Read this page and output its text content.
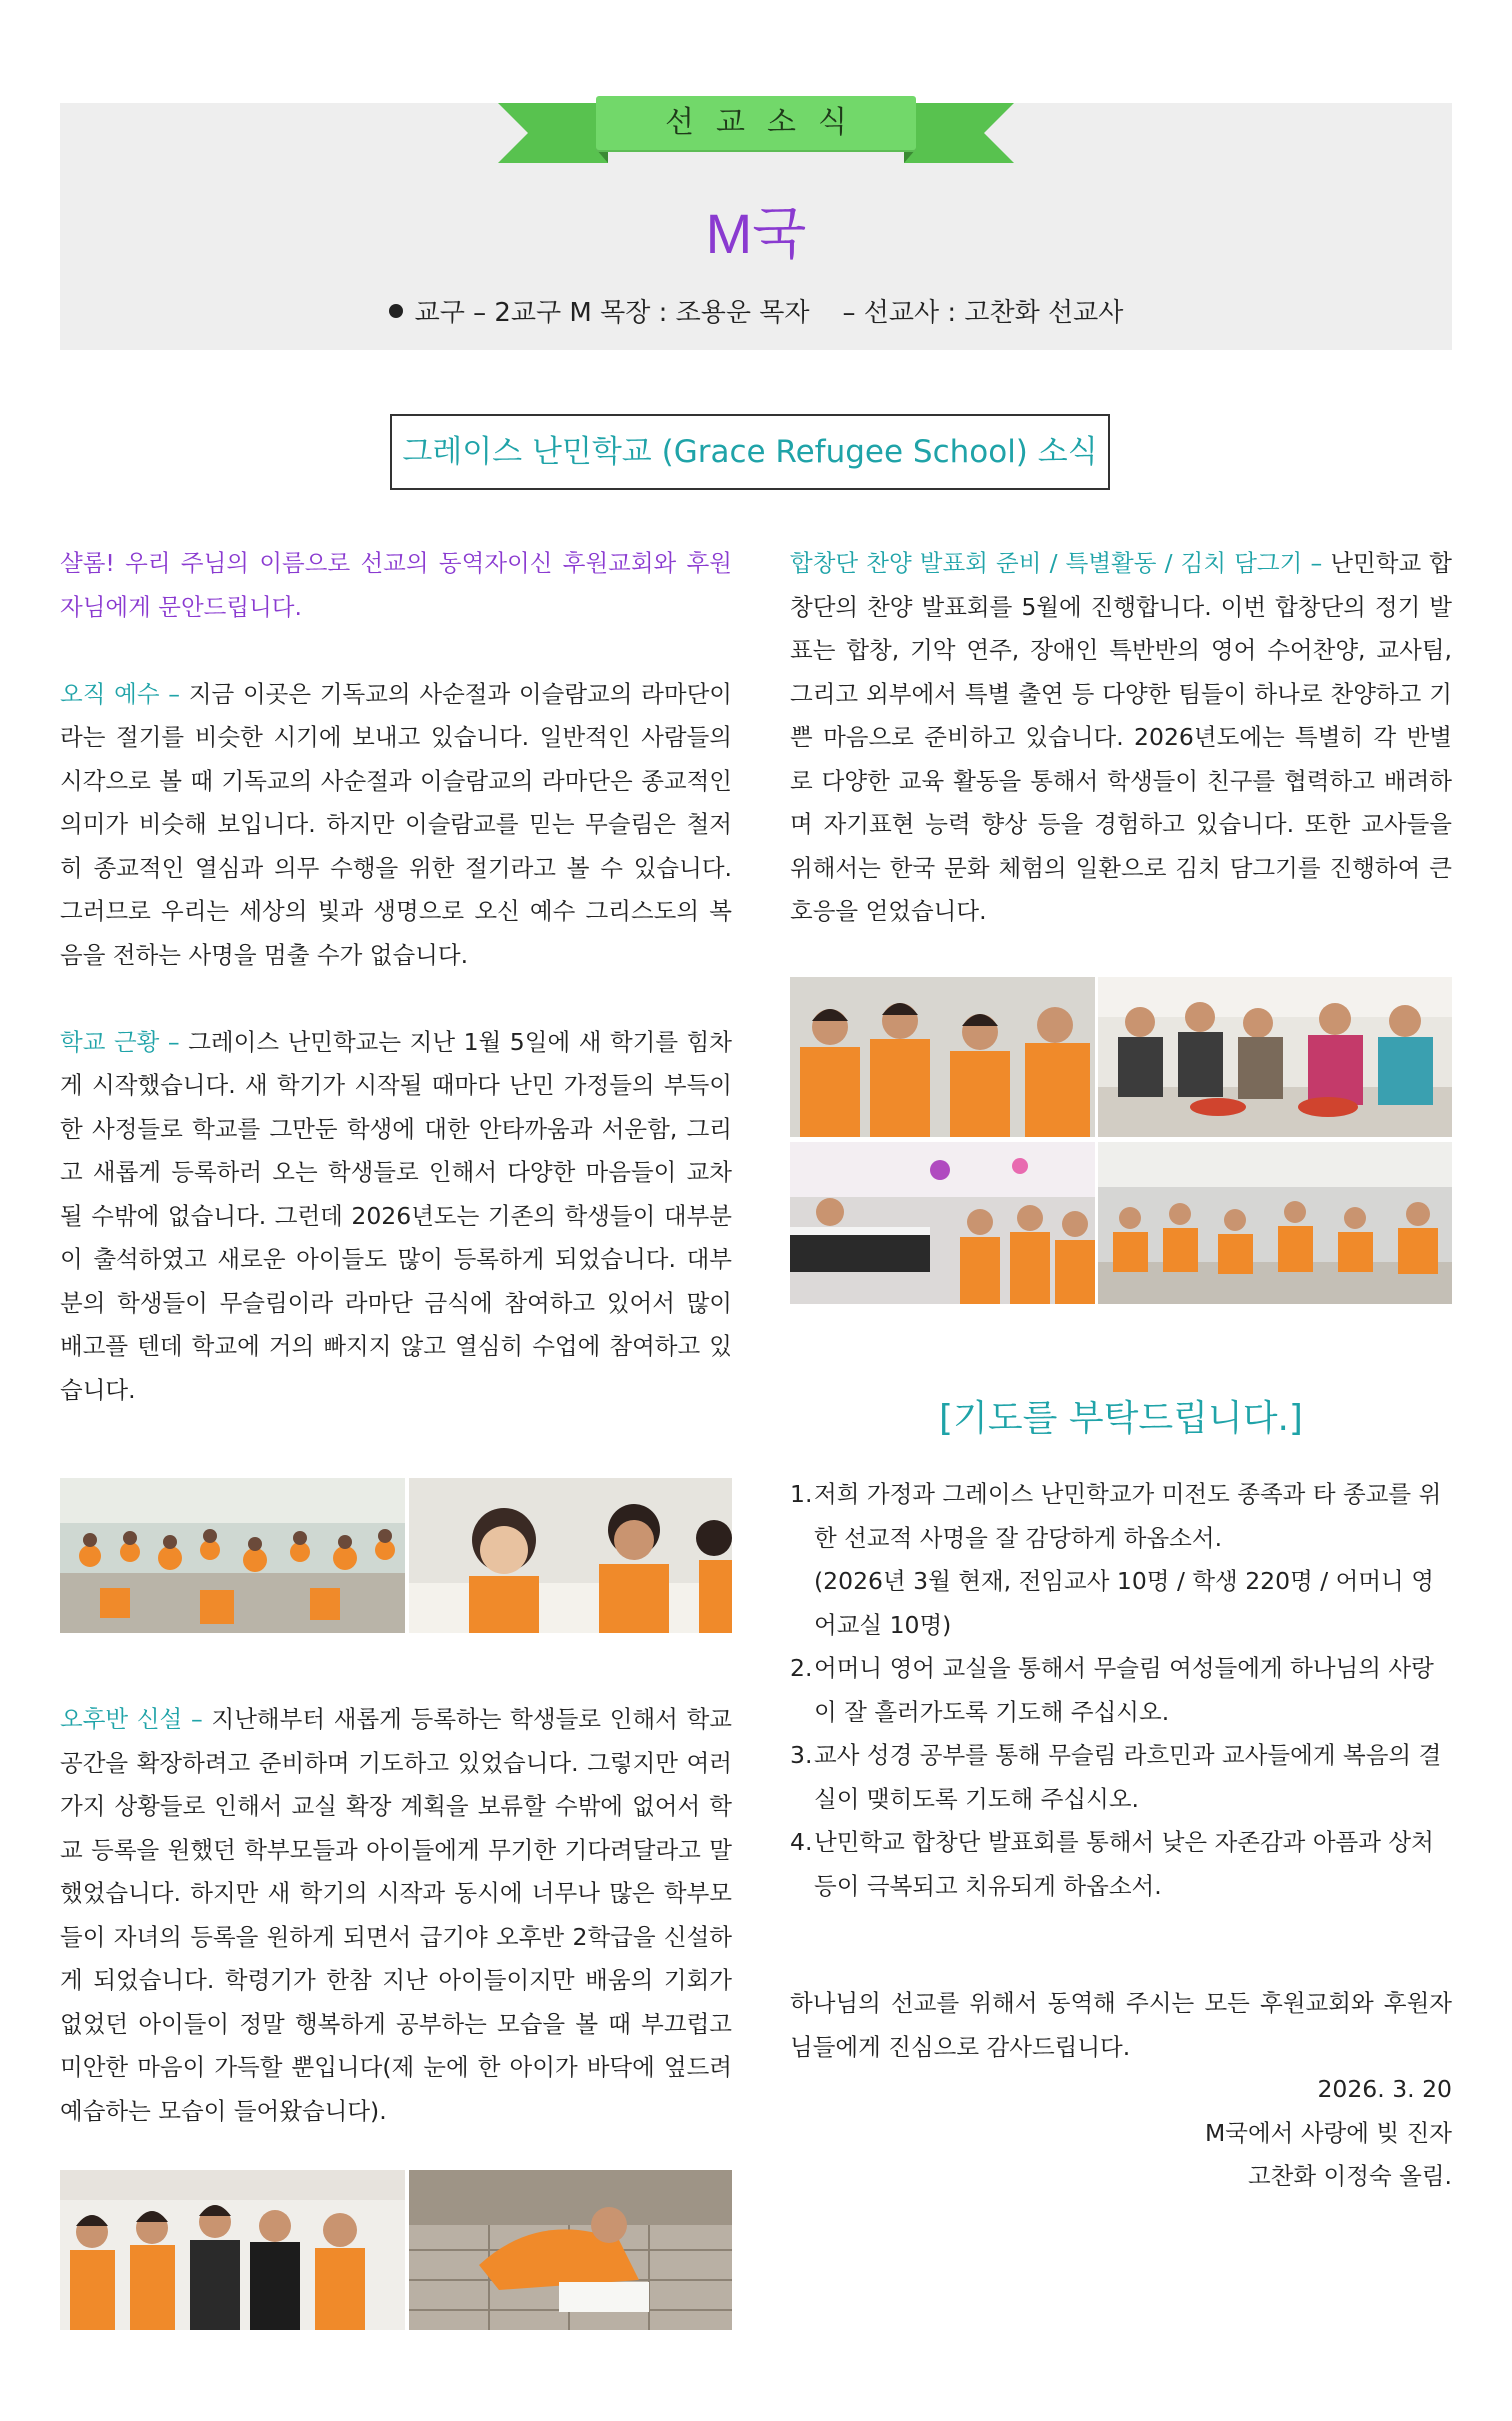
선교소식
M국
교구 – 2교구 M 목장 : 조용운 목자    – 선교사 : 고찬화 선교사
그레이스 난민학교 (Grace Refugee School) 소식

샬롬! 우리 주님의 이름으로 선교의 동역자이신 후원교회와 후원자님에게 문안드립니다.

오직 예수 – 지금 이곳은 기독교의 사순절과 이슬람교의 라마단이라는 절기를 비슷한 시기에 보내고 있습니다. 일반적인 사람들의 시각으로 볼 때 기독교의 사순절과 이슬람교의 라마단은 종교적인 의미가 비슷해 보입니다. 하지만 이슬람교를 믿는 무슬림은 철저히 종교적인 열심과 의무 수행을 위한 절기라고 볼 수 있습니다. 그러므로 우리는 세상의 빛과 생명으로 오신 예수 그리스도의 복음을 전하는 사명을 멈출 수가 없습니다.

학교 근황 – 그레이스 난민학교는 지난 1월 5일에 새 학기를 힘차게 시작했습니다. 새 학기가 시작될 때마다 난민 가정들의 부득이한 사정들로 학교를 그만둔 학생에 대한 안타까움과 서운함, 그리고 새롭게 등록하러 오는 학생들로 인해서 다양한 마음들이 교차될 수밖에 없습니다. 그런데 2026년도는 기존의 학생들이 대부분이 출석하였고 새로운 아이들도 많이 등록하게 되었습니다. 대부분의 학생들이 무슬림이라 라마단 금식에 참여하고 있어서 많이 배고플 텐데 학교에 거의 빠지지 않고 열심히 수업에 참여하고 있습니다.

오후반 신설 – 지난해부터 새롭게 등록하는 학생들로 인해서 학교 공간을 확장하려고 준비하며 기도하고 있었습니다. 그렇지만 여러 가지 상황들로 인해서 교실 확장 계획을 보류할 수밖에 없어서 학교 등록을 원했던 학부모들과 아이들에게 무기한 기다려달라고 말했었습니다. 하지만 새 학기의 시작과 동시에 너무나 많은 학부모들이 자녀의 등록을 원하게 되면서 급기야 오후반 2학급을 신설하게 되었습니다. 학령기가 한참 지난 아이들이지만 배움의 기회가 없었던 아이들이 정말 행복하게 공부하는 모습을 볼 때 부끄럽고 미안한 마음이 가득할 뿐입니다(제 눈에 한 아이가 바닥에 엎드려 예습하는 모습이 들어왔습니다).

합창단 찬양 발표회 준비 / 특별활동 / 김치 담그기 – 난민학교 합창단의 찬양 발표회를 5월에 진행합니다. 이번 합창단의 정기 발표는 합창, 기악 연주, 장애인 특반반의 영어 수어찬양, 교사팀, 그리고 외부에서 특별 출연 등 다양한 팀들이 하나로 찬양하고 기쁜 마음으로 준비하고 있습니다. 2026년도에는 특별히 각 반별로 다양한 교육 활동을 통해서 학생들이 친구를 협력하고 배려하며 자기표현 능력 향상 등을 경험하고 있습니다. 또한 교사들을 위해서는 한국 문화 체험의 일환으로 김치 담그기를 진행하여 큰 호응을 얻었습니다.

[기도를 부탁드립니다.]
1. 저희 가정과 그레이스 난민학교가 미전도 종족과 타 종교를 위한 선교적 사명을 잘 감당하게 하옵소서.
(2026년 3월 현재, 전임교사 10명 / 학생 220명 / 어머니 영어교실 10명)
2. 어머니 영어 교실을 통해서 무슬림 여성들에게 하나님의 사랑이 잘 흘러가도록 기도해 주십시오.
3. 교사 성경 공부를 통해 무슬림 라흐민과 교사들에게 복음의 결실이 맺히도록 기도해 주십시오.
4. 난민학교 합창단 발표회를 통해서 낮은 자존감과 아픔과 상처 등이 극복되고 치유되게 하옵소서.
하나님의 선교를 위해서 동역해 주시는 모든 후원교회와 후원자님들에게 진심으로 감사드립니다.
2026. 3. 20
M국에서 사랑에 빚 진자
고찬화 이정숙 올림.
